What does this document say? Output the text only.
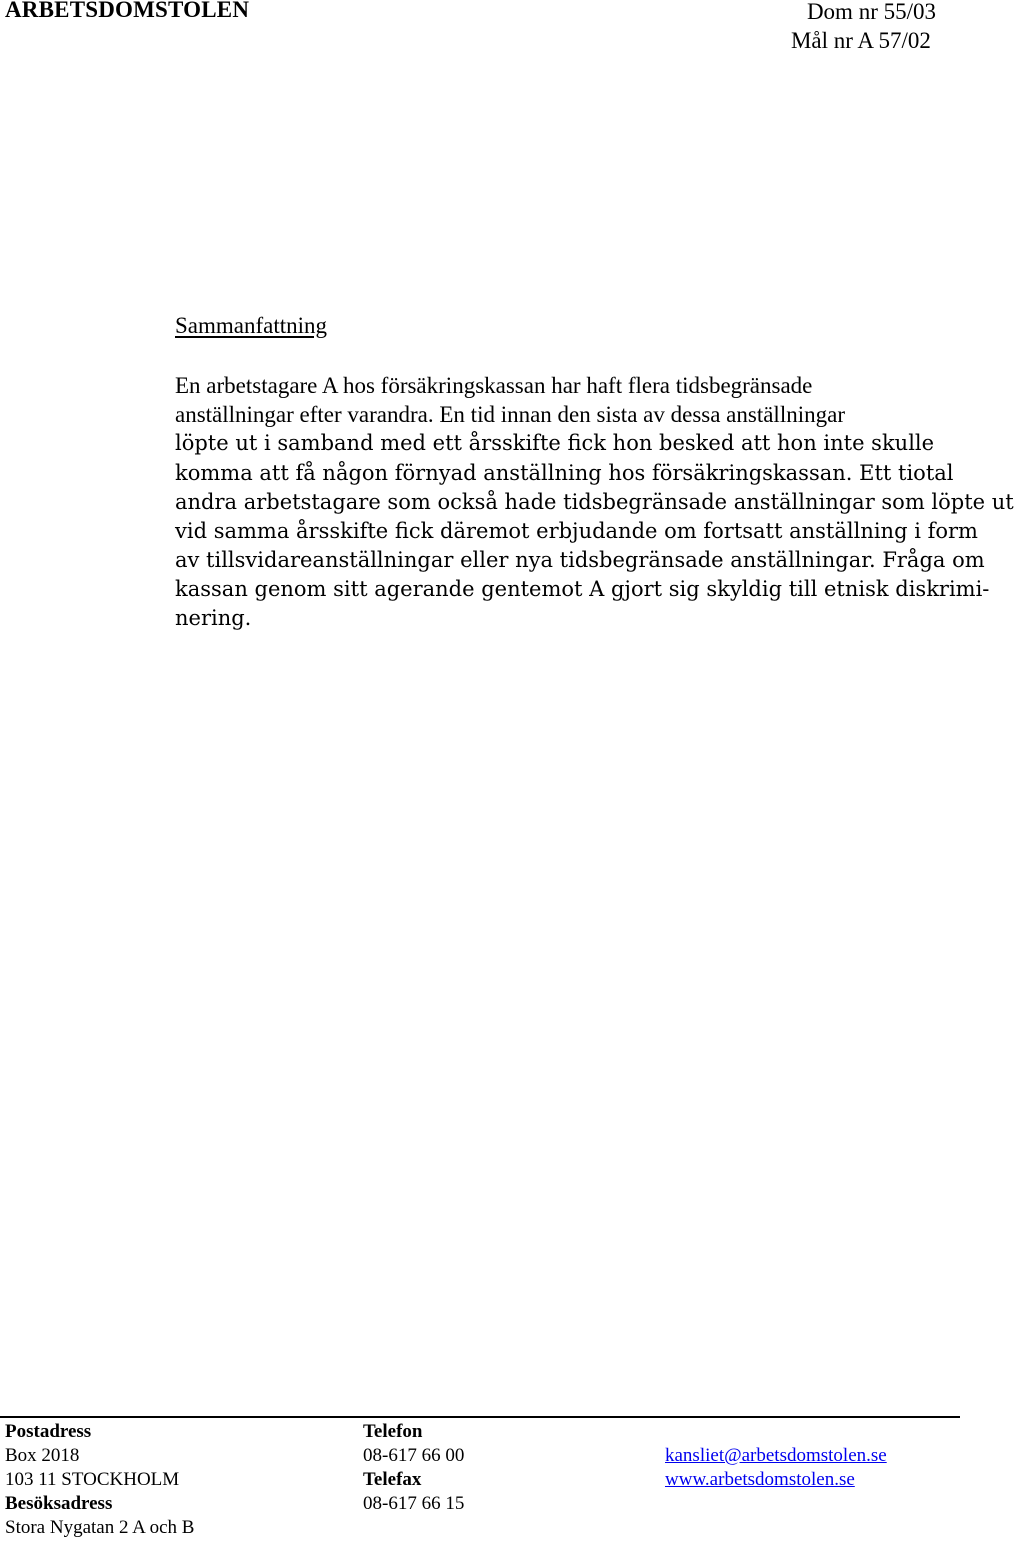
ARBETSDOMSTOLEN	Dom nr 55/03
Mål nr A 57/02
Sammanfattning

En arbetstagare A hos försäkringskassan har haft flera tidsbegränsade
anställningar efter varandra. En tid innan den sista av dessa anställningar
löpte ut i samband med ett årsskifte fick hon besked att hon inte skulle
komma att få någon förnyad anställning hos försäkringskassan. Ett tiotal
andra arbetstagare som också hade tidsbegränsade anställningar som löpte ut
vid samma årsskifte fick däremot erbjudande om fortsatt anställning i form
av tillsvidareanställningar eller nya tidsbegränsade anställningar. Fråga om
kassan genom sitt agerande gentemot A gjort sig skyldig till etnisk diskrimi-
nering.

Postadress
Box 2018
103 11 STOCKHOLM
Besöksadress
Stora Nygatan 2 A och B
Telefon
08-617 66 00
Telefax
08-617 66 15
kansliet@arbetsdomstolen.se
www.arbetsdomstolen.se
